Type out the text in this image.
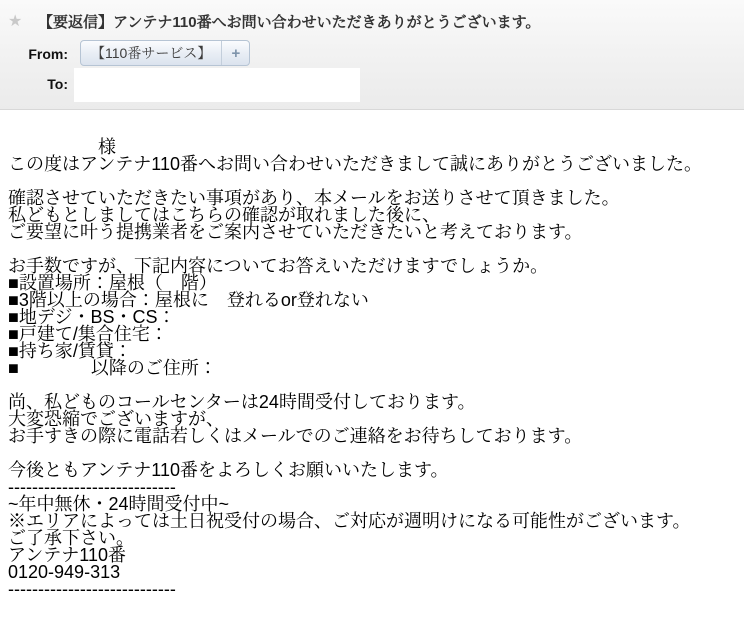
★	【要返信】アンテナ110番へお問い合わせいただきありがとうございます。
From:	【110番サービス】	+
To:
　　　　　様
この度はアンテナ110番へお問い合わせいただきまして誠にありがとうございました。
確認させていただきたい事項があり、本メールをお送りさせて頂きました。
私どもとしましてはこちらの確認が取れました後に、
ご要望に叶う提携業者をご案内させていただきたいと考えております。
お手数ですが、下記内容についてお答えいただけますでしょうか。
■設置場所：屋根（　階）
■3階以上の場合：屋根に　登れるor登れない
■地デジ・BS・CS：
■戸建て/集合住宅：
■持ち家/賃貸：
■　　　　以降のご住所：
尚、私どものコールセンターは24時間受付しております。
大変恐縮でございますが、
お手すきの際に電話若しくはメールでのご連絡をお待ちしております。
今後ともアンテナ110番をよろしくお願いいたします。
----------------------------
~年中無休・24時間受付中~
※エリアによっては土日祝受付の場合、ご対応が週明けになる可能性がございます。
ご了承下さい。
アンテナ110番
0120-949-313
----------------------------
